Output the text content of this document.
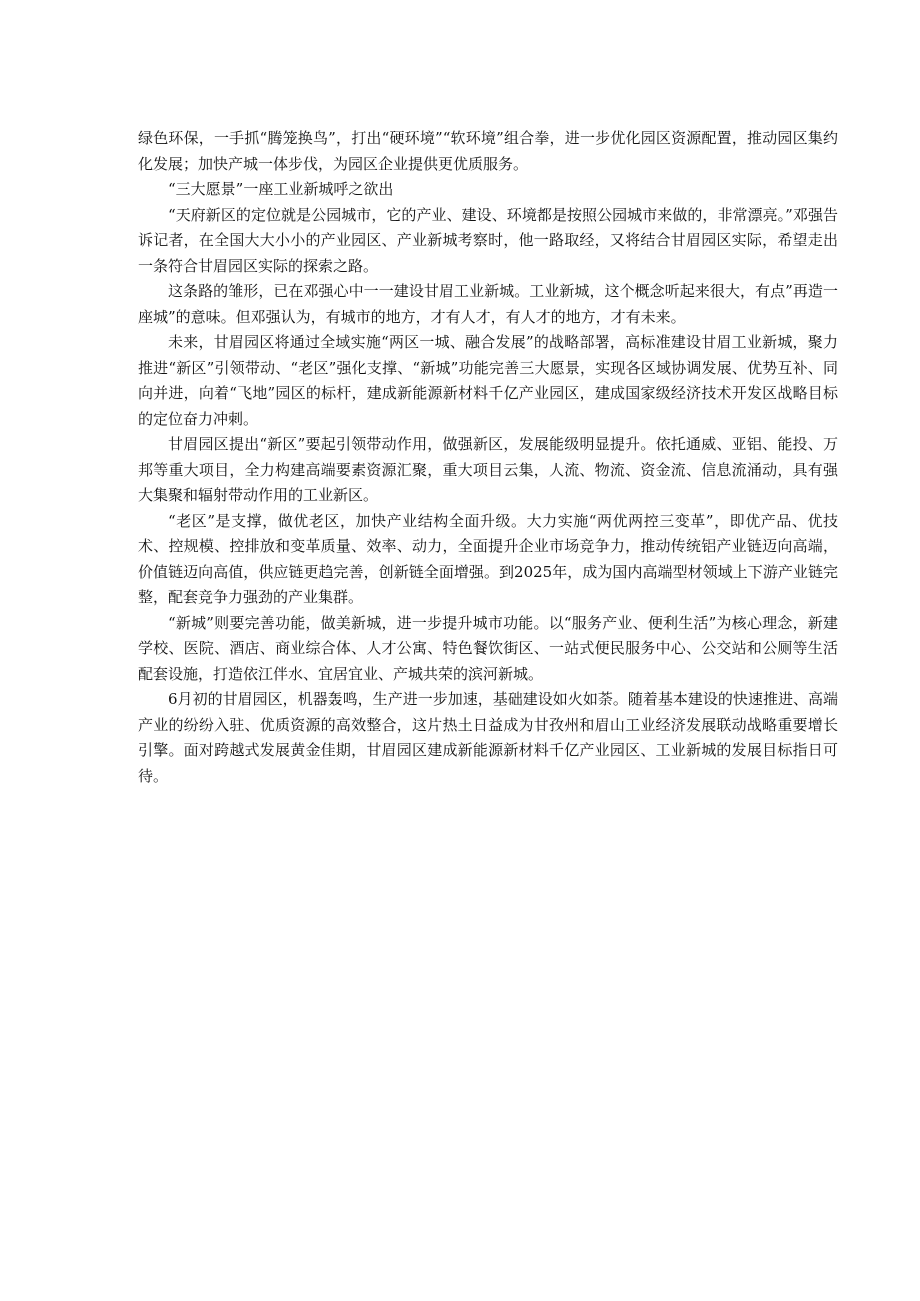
绿色环保，一手抓“腾笼换鸟”，打出“硬环境”“软环境”组合拳，进一步优化园区资源配置，推动园区集约化发展；加快产城一体步伐，为园区企业提供更优质服务。

“三大愿景”一座工业新城呼之欲出

“天府新区的定位就是公园城市，它的产业、建设、环境都是按照公园城市来做的，非常漂亮。”邓强告诉记者，在全国大大小小的产业园区、产业新城考察时，他一路取经，又将结合甘眉园区实际，希望走出一条符合甘眉园区实际的探索之路。

这条路的雏形，已在邓强心中一一建设甘眉工业新城。工业新城，这个概念听起来很大，有点”再造一座城”的意味。但邓强认为，有城市的地方，才有人才，有人才的地方，才有未来。

未来，甘眉园区将通过全域实施“两区一城、融合发展”的战略部署，高标准建设甘眉工业新城，聚力推进“新区”引领带动、“老区”强化支撑、“新城”功能完善三大愿景，实现各区域协调发展、优势互补、同向并进，向着“飞地”园区的标杆，建成新能源新材料千亿产业园区，建成国家级经济技术开发区战略目标的定位奋力冲刺。

甘眉园区提出“新区”要起引领带动作用，做强新区，发展能级明显提升。依托通威、亚铝、能投、万邦等重大项目，全力构建高端要素资源汇聚，重大项目云集，人流、物流、资金流、信息流涌动，具有强大集聚和辐射带动作用的工业新区。

“老区”是支撑，做优老区，加快产业结构全面升级。大力实施“两优两控三变革”，即优产品、优技术、控规模、控排放和变革质量、效率、动力，全面提升企业市场竞争力，推动传统铝产业链迈向高端，价值链迈向高值，供应链更趋完善，创新链全面增强。到2025年，成为国内高端型材领域上下游产业链完整，配套竞争力强劲的产业集群。

“新城”则要完善功能，做美新城，进一步提升城市功能。以“服务产业、便利生活”为核心理念，新建学校、医院、酒店、商业综合体、人才公寓、特色餐饮街区、一站式便民服务中心、公交站和公厕等生活配套设施，打造依江伴水、宜居宜业、产城共荣的滨河新城。

6月初的甘眉园区，机器轰鸣，生产进一步加速，基础建设如火如荼。随着基本建设的快速推进、高端产业的纷纷入驻、优质资源的高效整合，这片热土日益成为甘孜州和眉山工业经济发展联动战略重要增长引擎。面对跨越式发展黄金佳期，甘眉园区建成新能源新材料千亿产业园区、工业新城的发展目标指日可待。
